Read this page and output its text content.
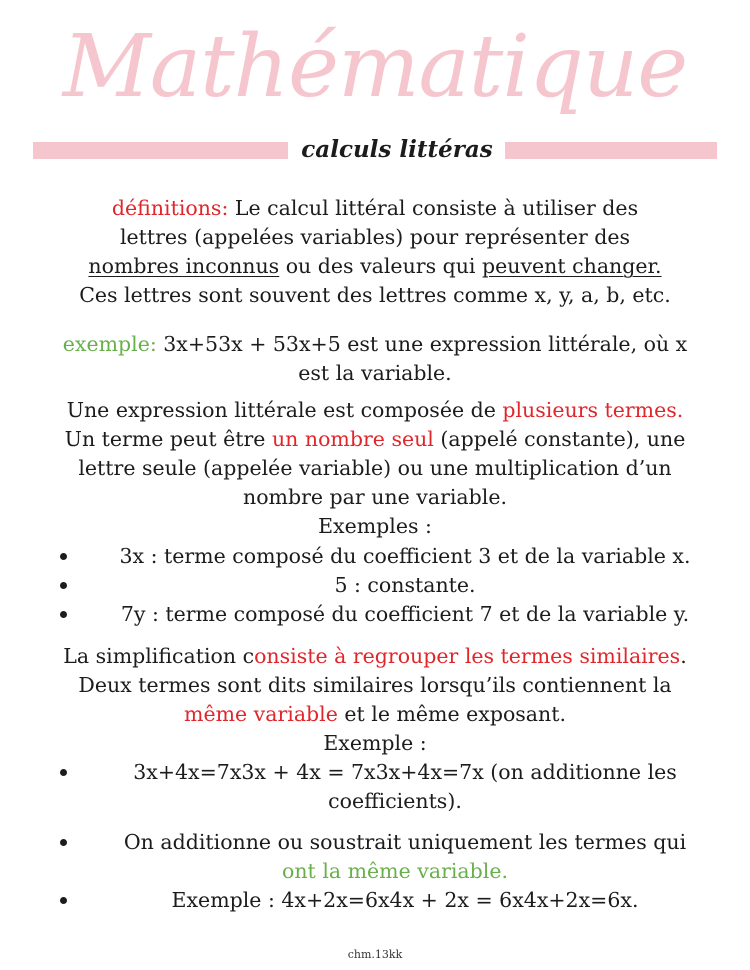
Mathématique
calculs littéras
définitions: Le calcul littéral consiste à utiliser des
lettres (appelées variables) pour représenter des
nombres inconnus ou des valeurs qui peuvent changer.
Ces lettres sont souvent des lettres comme x, y, a, b, etc.
exemple: 3x+53x + 53x+5 est une expression littérale, où x
est la variable.
Une expression littérale est composée de plusieurs termes.
Un terme peut être un nombre seul (appelé constante), une
lettre seule (appelée variable) ou une multiplication d’un
nombre par une variable.
Exemples :
3x : terme composé du coefficient 3 et de la variable x.
5 : constante.
7y : terme composé du coefficient 7 et de la variable y.
La simplification consiste à regrouper les termes similaires.
Deux termes sont dits similaires lorsqu’ils contiennent la
même variable et le même exposant.
Exemple :
3x+4x=7x3x + 4x = 7x3x+4x=7x (on additionne les
coefficients).
On additionne ou soustrait uniquement les termes qui
ont la même variable.
Exemple : 4x+2x=6x4x + 2x = 6x4x+2x=6x.
chm.13kk
